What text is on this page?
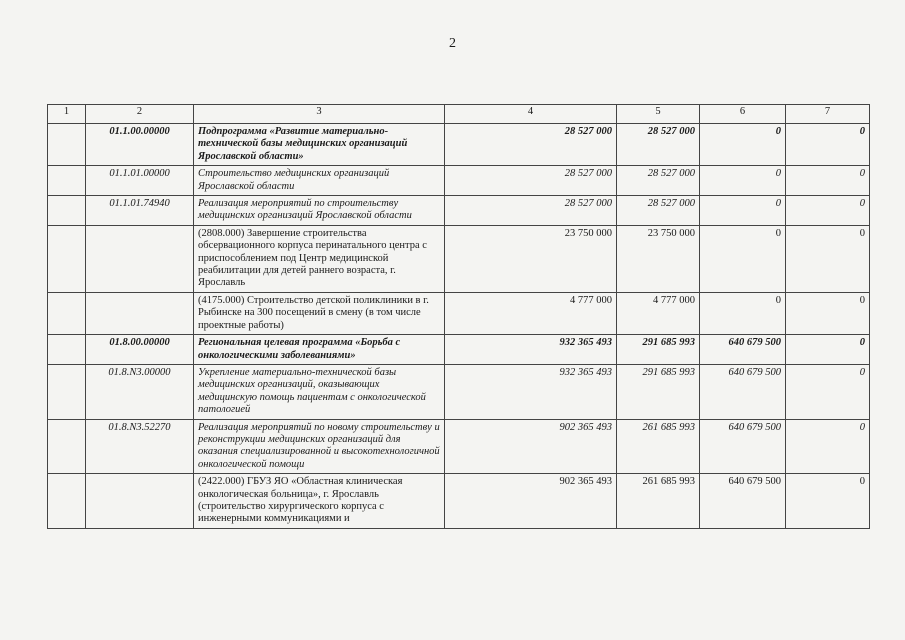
2
1	2	3	4	5	6	7
	01.1.00.00000	Подпрограмма «Развитие материально-технической базы медицинских организаций Ярославской области»	28 527 000	28 527 000	0	0
	01.1.01.00000	Строительство медицинских организаций Ярославской области	28 527 000	28 527 000	0	0
	01.1.01.74940	Реализация мероприятий по строительству медицинских организаций Ярославской области	28 527 000	28 527 000	0	0
		(2808.000) Завершение строительства обсервационного корпуса перинатального центра с приспособлением под Центр медицинской реабилитации для детей раннего возраста, г. Ярославль	23 750 000	23 750 000	0	0
		(4175.000) Строительство детской поликлиники в г. Рыбинске на 300 посещений в смену (в том числе проектные работы)	4 777 000	4 777 000	0	0
	01.8.00.00000	Региональная целевая программа «Борьба с онкологическими заболеваниями»	932 365 493	291 685 993	640 679 500	0
	01.8.N3.00000	Укрепление материально-технической базы медицинских организаций, оказывающих медицинскую помощь пациентам с онкологической патологией	932 365 493	291 685 993	640 679 500	0
	01.8.N3.52270	Реализация мероприятий по новому строительству и реконструкции медицинских организаций для оказания специализированной и высокотехнологичной онкологической помощи	902 365 493	261 685 993	640 679 500	0
		(2422.000) ГБУЗ ЯО «Областная клиническая онкологическая больница», г. Ярославль (строительство хирургического корпуса с инженерными коммуникациями и	902 365 493	261 685 993	640 679 500	0
